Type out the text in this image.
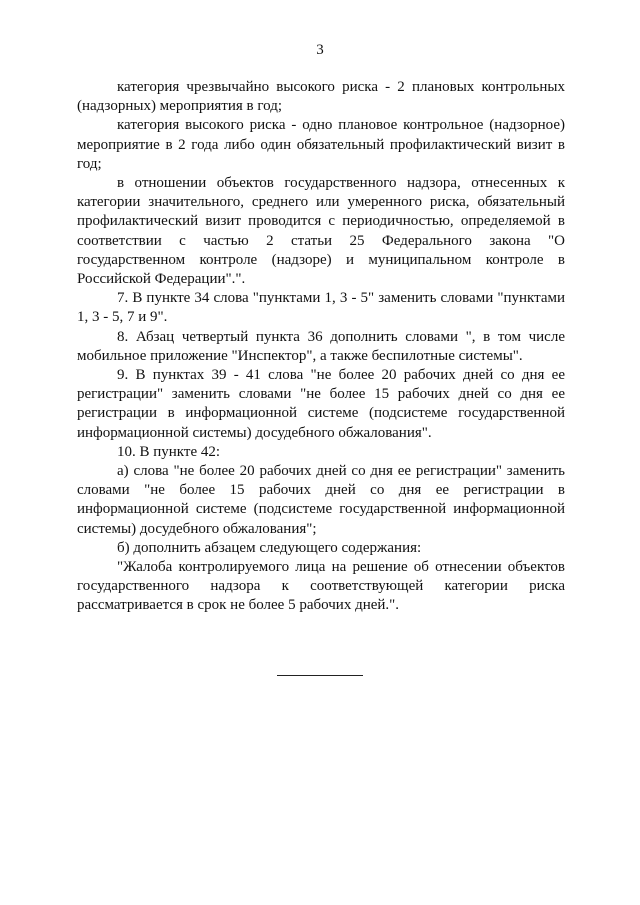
3

категория чрезвычайно высокого риска - 2 плановых контрольных (надзорных) мероприятия в год;

категория высокого риска - одно плановое контрольное (надзорное) мероприятие в 2 года либо один обязательный профилактический визит в год;

в отношении объектов государственного надзора, отнесенных к категории значительного, среднего или умеренного риска, обязательный профилактический визит проводится с периодичностью, определяемой в соответствии с частью 2 статьи 25 Федерального закона "О государственном контроле (надзоре) и муниципальном контроле в Российской Федерации".".

7. В пункте 34 слова "пунктами 1, 3 - 5" заменить словами "пунктами 1, 3 - 5, 7 и 9".

8. Абзац четвертый пункта 36 дополнить словами ", в том числе мобильное приложение "Инспектор", а также беспилотные системы".

9. В пунктах 39 - 41 слова "не более 20 рабочих дней со дня ее регистрации" заменить словами "не более 15 рабочих дней со дня ее регистрации в информационной системе (подсистеме государственной информационной системы) досудебного обжалования".

10. В пункте 42:

а) слова "не более 20 рабочих дней со дня ее регистрации" заменить словами "не более 15 рабочих дней со дня ее регистрации в информационной системе (подсистеме государственной информационной системы) досудебного обжалования";

б) дополнить абзацем следующего содержания:

"Жалоба контролируемого лица на решение об отнесении объектов государственного надзора к соответствующей категории риска рассматривается в срок не более 5 рабочих дней.".
